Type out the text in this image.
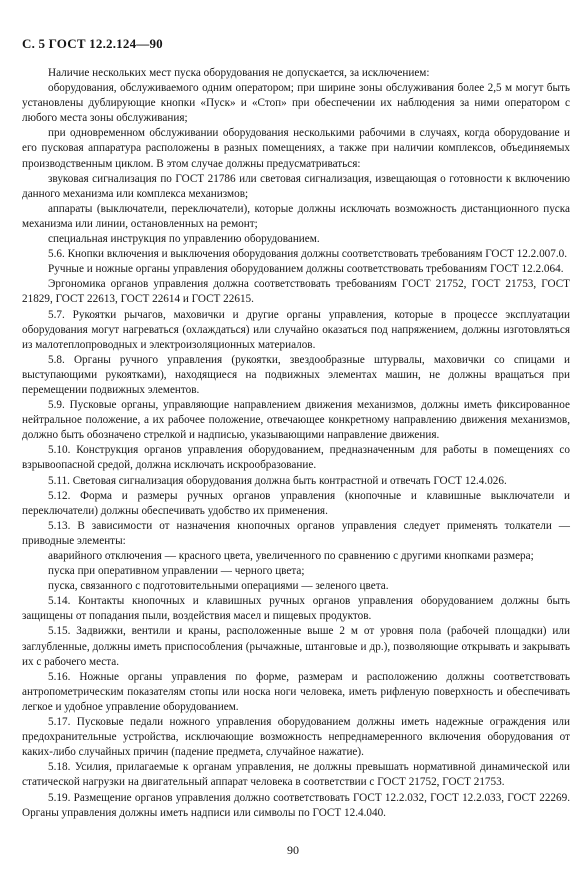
С. 5 ГОСТ 12.2.124—90

Наличие нескольких мест пуска оборудования не допускается, за исключением:

оборудования, обслуживаемого одним оператором; при ширине зоны обслуживания более 2,5 м могут быть установлены дублирующие кнопки «Пуск» и «Стоп» при обеспечении их наблюдения за ними оператором с любого места зоны обслуживания;

при одновременном обслуживании оборудования несколькими рабочими в случаях, когда оборудование и его пусковая аппаратура расположены в разных помещениях, а также при наличии комплексов, объединяемых производственным циклом. В этом случае должны предусматриваться:

звуковая сигнализация по ГОСТ 21786 или световая сигнализация, извещающая о готовности к включению данного механизма или комплекса механизмов;

аппараты (выключатели, переключатели), которые должны исключать возможность дистанционного пуска механизма или линии, остановленных на ремонт;

специальная инструкция по управлению оборудованием.

5.6. Кнопки включения и выключения оборудования должны соответствовать требованиям ГОСТ 12.2.007.0.

Ручные и ножные органы управления оборудованием должны соответствовать требованиям ГОСТ 12.2.064.

Эргономика органов управления должна соответствовать требованиям ГОСТ 21752, ГОСТ 21753, ГОСТ 21829, ГОСТ 22613, ГОСТ 22614 и ГОСТ 22615.

5.7. Рукоятки рычагов, маховички и другие органы управления, которые в процессе эксплуатации оборудования могут нагреваться (охлаждаться) или случайно оказаться под напряжением, должны изготовляться из малотеплопроводных и электроизоляционных материалов.

5.8. Органы ручного управления (рукоятки, звездообразные штурвалы, маховички со спицами и выступающими рукоятками), находящиеся на подвижных элементах машин, не должны вращаться при перемещении подвижных элементов.

5.9. Пусковые органы, управляющие направлением движения механизмов, должны иметь фиксированное нейтральное положение, а их рабочее положение, отвечающее конкретному направлению движения механизмов, должно быть обозначено стрелкой и надписью, указывающими направление движения.

5.10. Конструкция органов управления оборудованием, предназначенным для работы в помещениях со взрывоопасной средой, должна исключать искрообразование.

5.11. Световая сигнализация оборудования должна быть контрастной и отвечать ГОСТ 12.4.026.

5.12. Форма и размеры ручных органов управления (кнопочные и клавишные выключатели и переключатели) должны обеспечивать удобство их применения.

5.13. В зависимости от назначения кнопочных органов управления следует применять толкатели — приводные элементы:

аварийного отключения — красного цвета, увеличенного по сравнению с другими кнопками размера;

пуска при оперативном управлении — черного цвета;

пуска, связанного с подготовительными операциями — зеленого цвета.

5.14. Контакты кнопочных и клавишных ручных органов управления оборудованием должны быть защищены от попадания пыли, воздействия масел и пищевых продуктов.

5.15. Задвижки, вентили и краны, расположенные выше 2 м от уровня пола (рабочей площадки) или заглубленные, должны иметь приспособления (рычажные, штанговые и др.), позволяющие открывать и закрывать их с рабочего места.

5.16. Ножные органы управления по форме, размерам и расположению должны соответствовать антропометрическим показателям стопы или носка ноги человека, иметь рифленую поверхность и обеспечивать легкое и удобное управление оборудованием.

5.17. Пусковые педали ножного управления оборудованием должны иметь надежные ограждения или предохранительные устройства, исключающие возможность непреднамеренного включения оборудования от каких-либо случайных причин (падение предмета, случайное нажатие).

5.18. Усилия, прилагаемые к органам управления, не должны превышать нормативной динамической или статической нагрузки на двигательный аппарат человека в соответствии с ГОСТ 21752, ГОСТ 21753.

5.19. Размещение органов управления должно соответствовать ГОСТ 12.2.032, ГОСТ 12.2.033, ГОСТ 22269. Органы управления должны иметь надписи или символы по ГОСТ 12.4.040.

90
